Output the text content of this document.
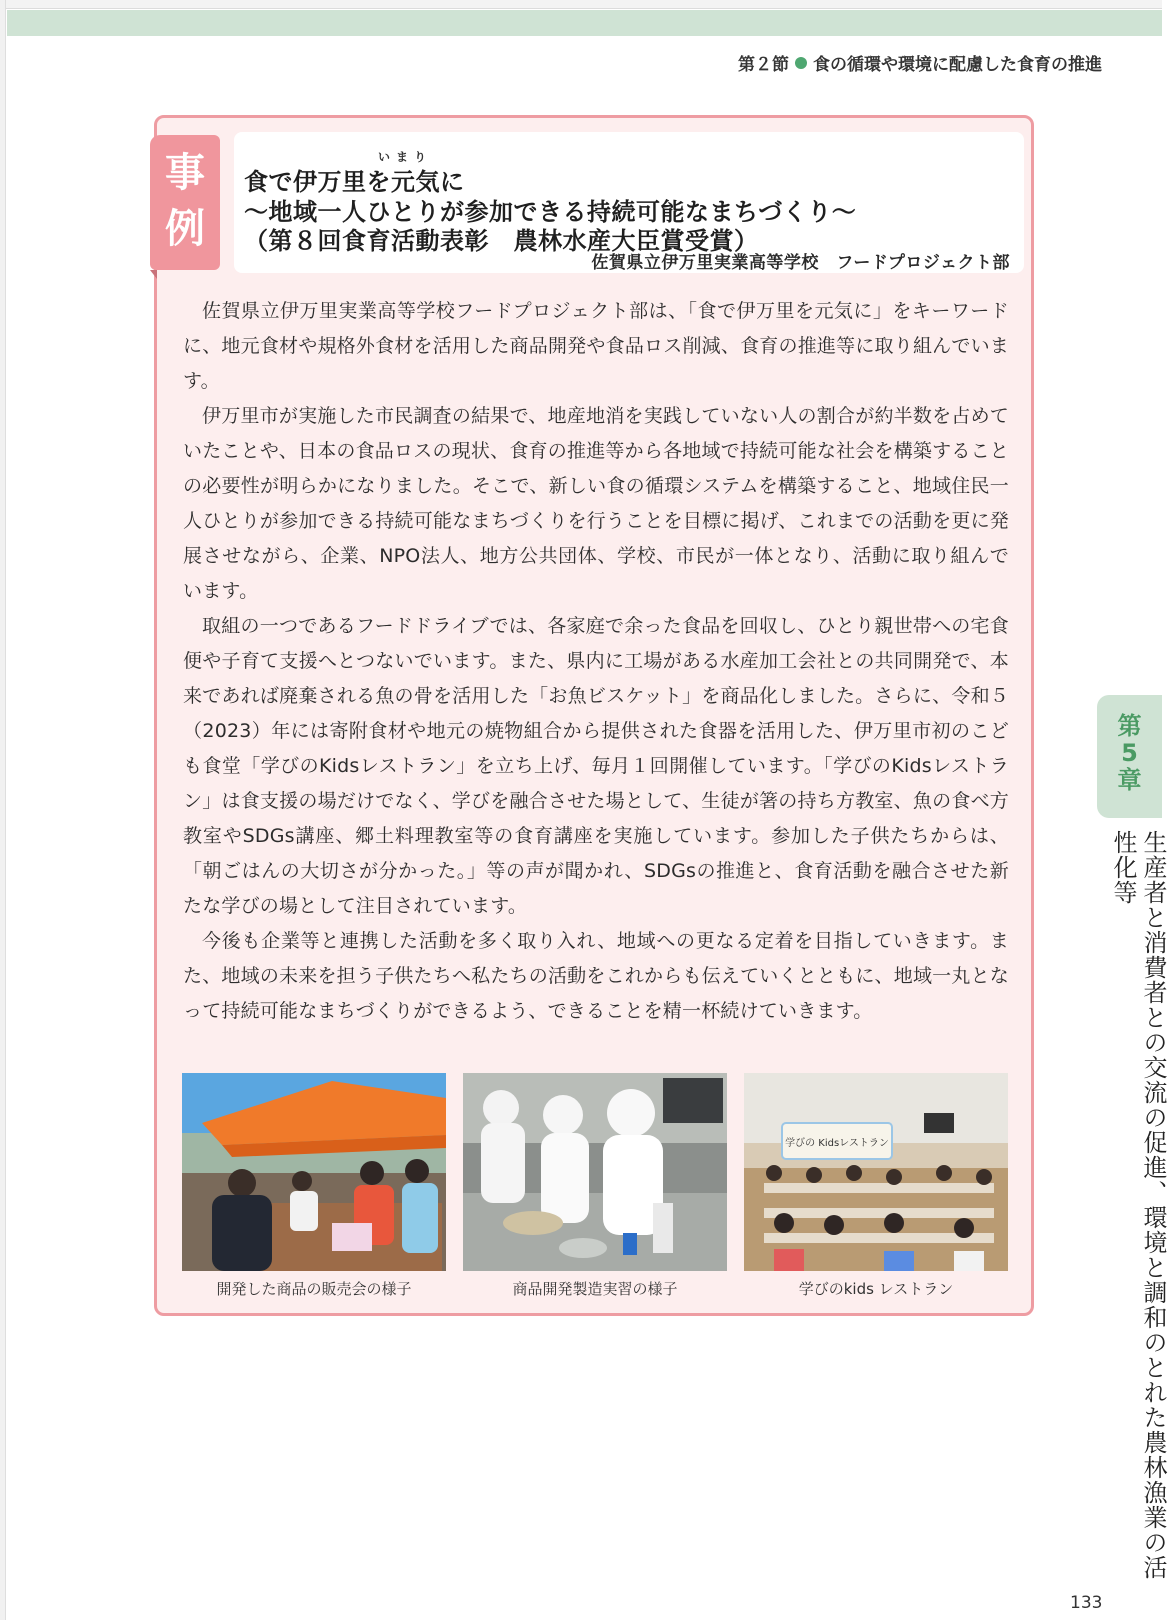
第２節 食の循環や環境に配慮した食育の推進
事
例
いまり
食で伊万里を元気に
〜地域一人ひとりが参加できる持続可能なまちづくり〜
（第８回食育活動表彰　農林水産大臣賞受賞）
佐賀県立伊万里実業高等学校　フードプロジェクト部

佐賀県立伊万里実業高等学校フードプロジェクト部は、「食で伊万里を元気に」をキーワードに、地元食材や規格外食材を活用した商品開発や食品ロス削減、食育の推進等に取り組んでいます。

伊万里市が実施した市民調査の結果で、地産地消を実践していない人の割合が約半数を占めていたことや、日本の食品ロスの現状、食育の推進等から各地域で持続可能な社会を構築することの必要性が明らかになりました。そこで、新しい食の循環システムを構築すること、地域住民一人ひとりが参加できる持続可能なまちづくりを行うことを目標に掲げ、これまでの活動を更に発展させながら、企業、NPO法人、地方公共団体、学校、市民が一体となり、活動に取り組んでいます。

取組の一つであるフードドライブでは、各家庭で余った食品を回収し、ひとり親世帯への宅食便や子育て支援へとつないでいます。また、県内に工場がある水産加工会社との共同開発で、本来であれば廃棄される魚の骨を活用した「お魚ビスケット」を商品化しました。さらに、令和５（2023）年には寄附食材や地元の焼物組合から提供された食器を活用した、伊万里市初のこども食堂「学びのKidsレストラン」を立ち上げ、毎月１回開催しています。「学びのKidsレストラン」は食支援の場だけでなく、学びを融合させた場として、生徒が箸の持ち方教室、魚の食べ方教室やSDGs講座、郷土料理教室等の食育講座を実施しています。参加した子供たちからは、「朝ごはんの大切さが分かった。」等の声が聞かれ、SDGsの推進と、食育活動を融合させた新たな学びの場として注目されています。

今後も企業等と連携した活動を多く取り入れ、地域への更なる定着を目指していきます。また、地域の未来を担う子供たちへ私たちの活動をこれからも伝えていくとともに、地域一丸となって持続可能なまちづくりができるよう、できることを精一杯続けていきます。

開発した商品の販売会の様子	商品開発製造実習の様子
学びの Kidsレストラン
学びのkids レストラン
第
5
章
生産者と消費者との交流の促進、環境と調和のとれた農林漁業の活性化等
133
